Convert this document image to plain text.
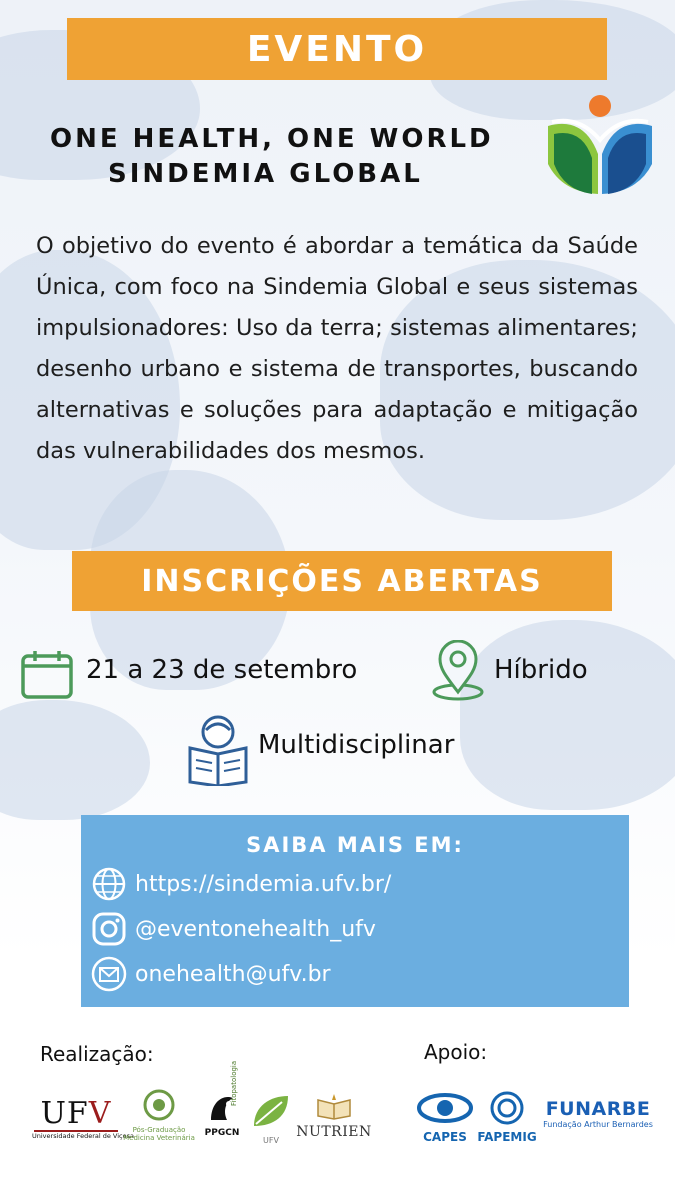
EVENTO
ONE HEALTH, ONE WORLD
SINDEMIA GLOBAL
O objetivo do evento é abordar a temática da Saúde Única, com foco na Sindemia Global e seus sistemas impulsionadores: Uso da terra; sistemas alimentares; desenho urbano e sistema de transportes, buscando alternativas e soluções para adaptação e mitigação das vulnerabilidades dos mesmos.
INSCRIÇÕES ABERTAS
21 a 23 de setembro	Híbrido
Multidisciplinar
SAIBA MAIS EM:
https://sindemia.ufv.br/
@eventonehealth_ufv
onehealth@ufv.br
Realização:	Apoio:
UFV
Universidade Federal de Viçosa
Pós-Graduação
Medicina Veterinária	PPGCN
Fitopatologia
UFV
NUTRIEN	CAPES FAPEMIG
FUNARBE
Fundação Arthur Bernardes
